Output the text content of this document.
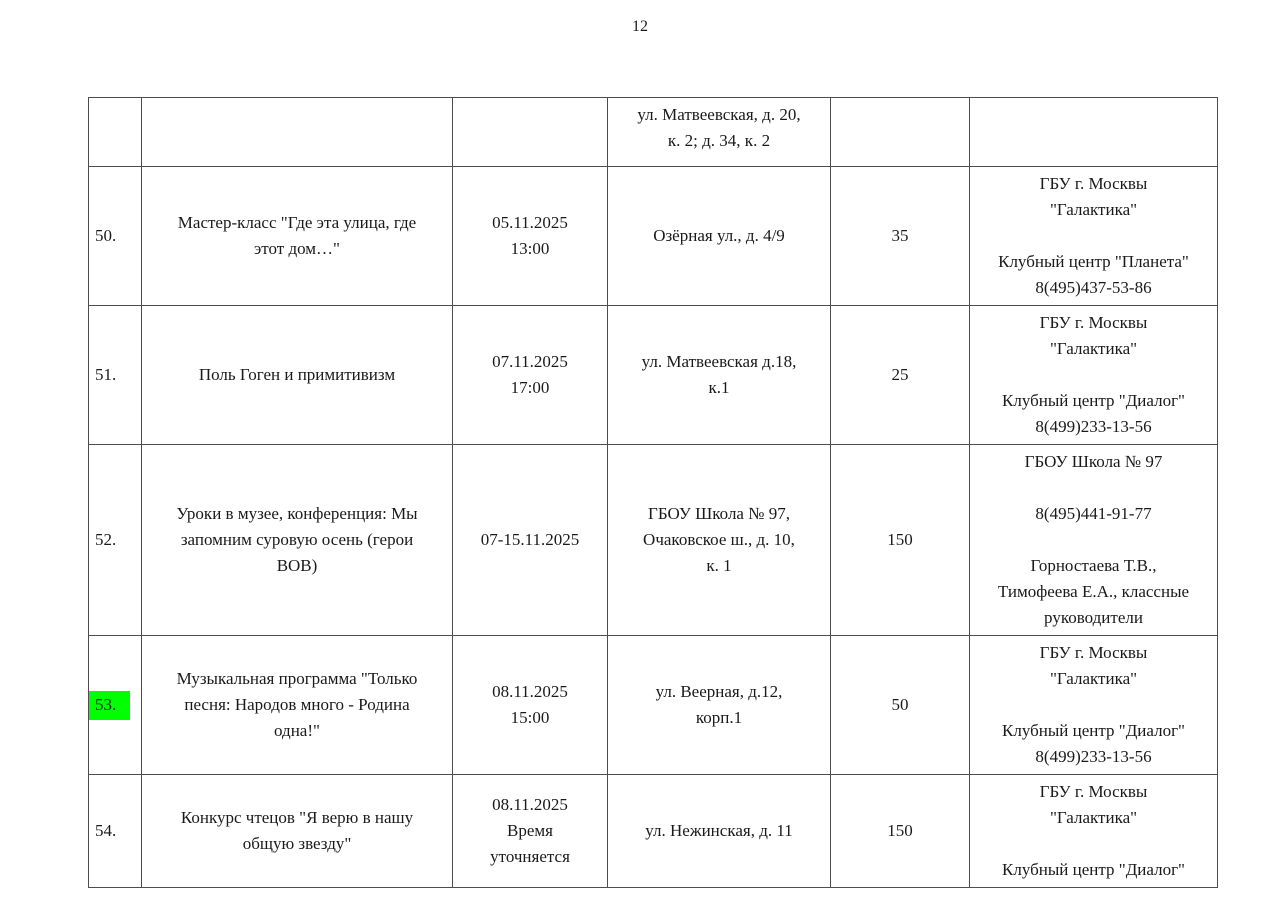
12
			ул. Матвеевская, д. 20,
к. 2; д. 34, к. 2		
50.	Мастер-класс "Где эта улица, где
этот дом…"	05.11.2025
13:00	Озёрная ул., д. 4/9	35	ГБУ г. Москвы
"Галактика"

Клубный центр "Планета"
8(495)437-53-86
51.	Поль Гоген и примитивизм	07.11.2025
17:00	ул. Матвеевская д.18,
к.1	25	ГБУ г. Москвы
"Галактика"

Клубный центр "Диалог"
8(499)233-13-56
52.	Уроки в музее, конференция: Мы
запомним суровую осень (герои
ВОВ)	07-15.11.2025	ГБОУ Школа № 97,
Очаковское ш., д. 10,
к. 1	150	ГБОУ Школа № 97

8(495)441-91-77

Горностаева Т.В.,
Тимофеева Е.А., классные
руководители
53.	Музыкальная программа "Только
песня: Народов много - Родина
одна!"	08.11.2025
15:00	ул. Веерная, д.12,
корп.1	50	ГБУ г. Москвы
"Галактика"

Клубный центр "Диалог"
8(499)233-13-56
54.	Конкурс чтецов "Я верю в нашу
общую звезду"	08.11.2025
Время
уточняется	ул. Нежинская, д. 11	150	ГБУ г. Москвы
"Галактика"

Клубный центр "Диалог"
